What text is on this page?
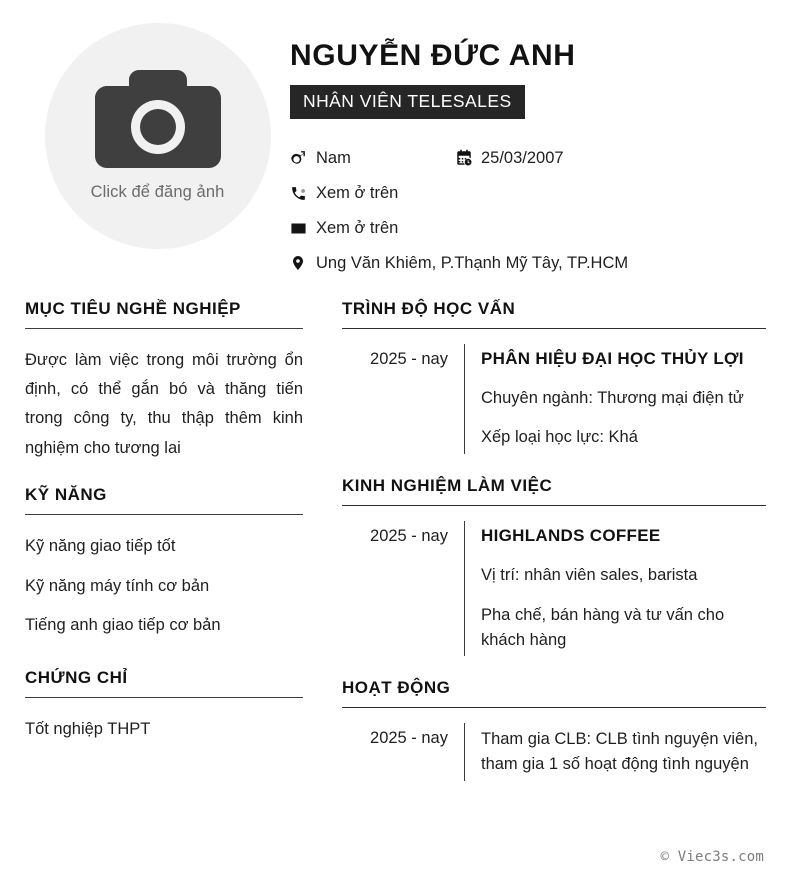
Click để đăng ảnh
NGUYỄN ĐỨC ANH
NHÂN VIÊN TELESALES
Nam	25/03/2007
Xem ở trên
Xem ở trên
Ung Văn Khiêm, P.Thạnh Mỹ Tây, TP.HCM
MỤC TIÊU NGHỀ NGHIỆP

Được làm việc trong môi trường ổn định, có thể gắn bó và thăng tiến trong công ty, thu thập thêm kinh nghiệm cho tương lai

KỸ NĂNG
Kỹ năng giao tiếp tốt
Kỹ năng máy tính cơ bản
Tiếng anh giao tiếp cơ bản
CHỨNG CHỈ
Tốt nghiệp THPT
TRÌNH ĐỘ HỌC VẤN
2025 - nay	PHÂN HIỆU ĐẠI HỌC THỦY LỢI
Chuyên ngành: Thương mại điện tử
Xếp loại học lực: Khá
KINH NGHIỆM LÀM VIỆC
2025 - nay	HIGHLANDS COFFEE
Vị trí: nhân viên sales, barista
Pha chế, bán hàng và tư vấn cho khách hàng
HOẠT ĐỘNG
2025 - nay	Tham gia CLB: CLB tình nguyện viên, tham gia 1 số hoạt động tình nguyện
© Viec3s.com
